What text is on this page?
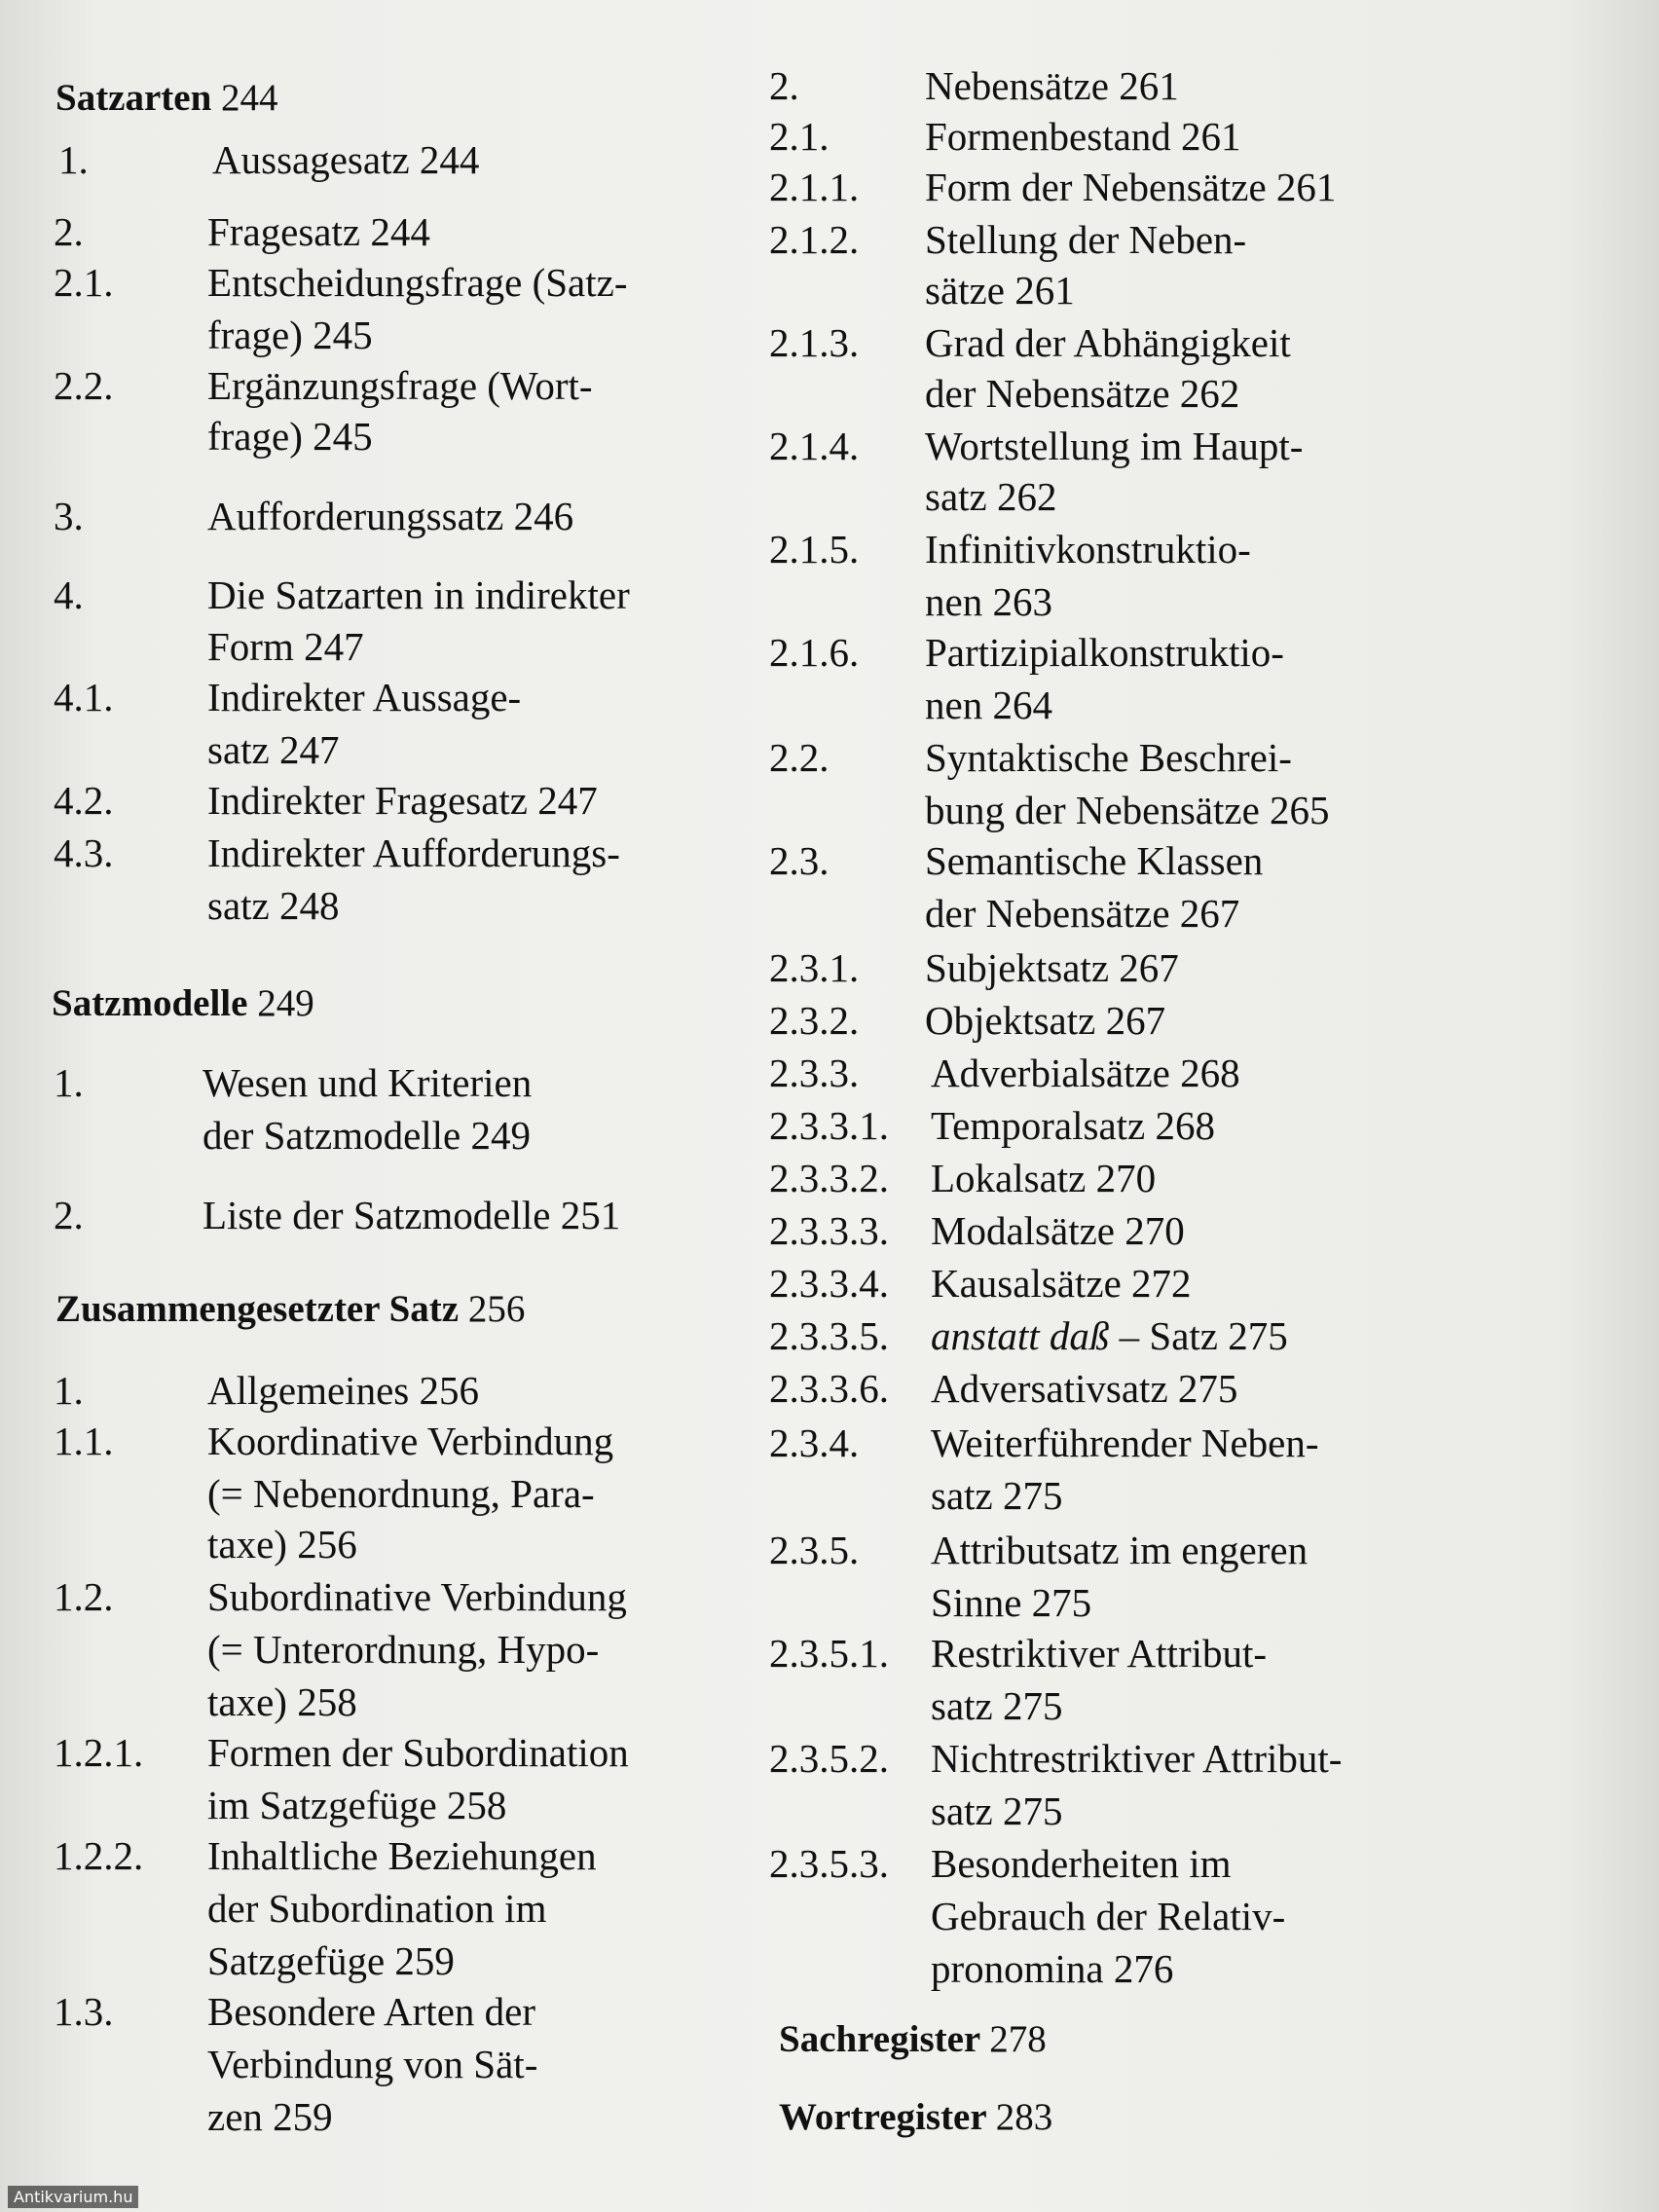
Satzarten 244
1.	Aussagesatz 244
2.	Fragesatz 244
2.1. Entscheidungsfrage (Satz-
frage) 245
2.2. Ergänzungsfrage (Wort-
frage) 245
3.	Aufforderungssatz 246
4.	Die Satzarten in indirekter
Form 247
4.1. Indirekter Aussage-
satz 247
4.2. Indirekter Fragesatz 247
4.3. Indirekter Aufforderungs-
satz 248
Satzmodelle 249
1.	Wesen und Kriterien
der Satzmodelle 249
2.	Liste der Satzmodelle 251
Zusammengesetzter Satz 256
1.	Allgemeines 256
1.1. Koordinative Verbindung
(= Nebenordnung, Para-
taxe) 256
1.2. Subordinative Verbindung
(= Unterordnung, Hypo-
taxe) 258
1.2.1. Formen der Subordination
im Satzgefüge 258
1.2.2. Inhaltliche Beziehungen
der Subordination im
Satzgefüge 259
1.3. Besondere Arten der
Verbindung von Sät-
zen 259
2.	Nebensätze 261
2.1. Formenbestand 261
2.1.1. Form der Nebensätze 261
2.1.2. Stellung der Neben-
sätze 261
2.1.3. Grad der Abhängigkeit
der Nebensätze 262
2.1.4. Wortstellung im Haupt-
satz 262
2.1.5. Infinitivkonstruktio-
nen 263
2.1.6. Partizipialkonstruktio-
nen 264
2.2. Syntaktische Beschrei-
bung der Nebensätze 265
2.3. Semantische Klassen
der Nebensätze 267
2.3.1. Subjektsatz 267
2.3.2. Objektsatz 267
2.3.3. Adverbialsätze 268
2.3.3.1. Temporalsatz 268
2.3.3.2. Lokalsatz 270
2.3.3.3. Modalsätze 270
2.3.3.4. Kausalsätze 272
2.3.3.5. anstatt daß – Satz 275
2.3.3.6. Adversativsatz 275
2.3.4. Weiterführender Neben-
satz 275
2.3.5. Attributsatz im engeren
Sinne 275
2.3.5.1. Restriktiver Attribut-
satz 275
2.3.5.2. Nichtrestriktiver Attribut-
satz 275
2.3.5.3. Besonderheiten im
Gebrauch der Relativ-
pronomina 276
Sachregister 278
Wortregister 283
Antikvarium.hu
